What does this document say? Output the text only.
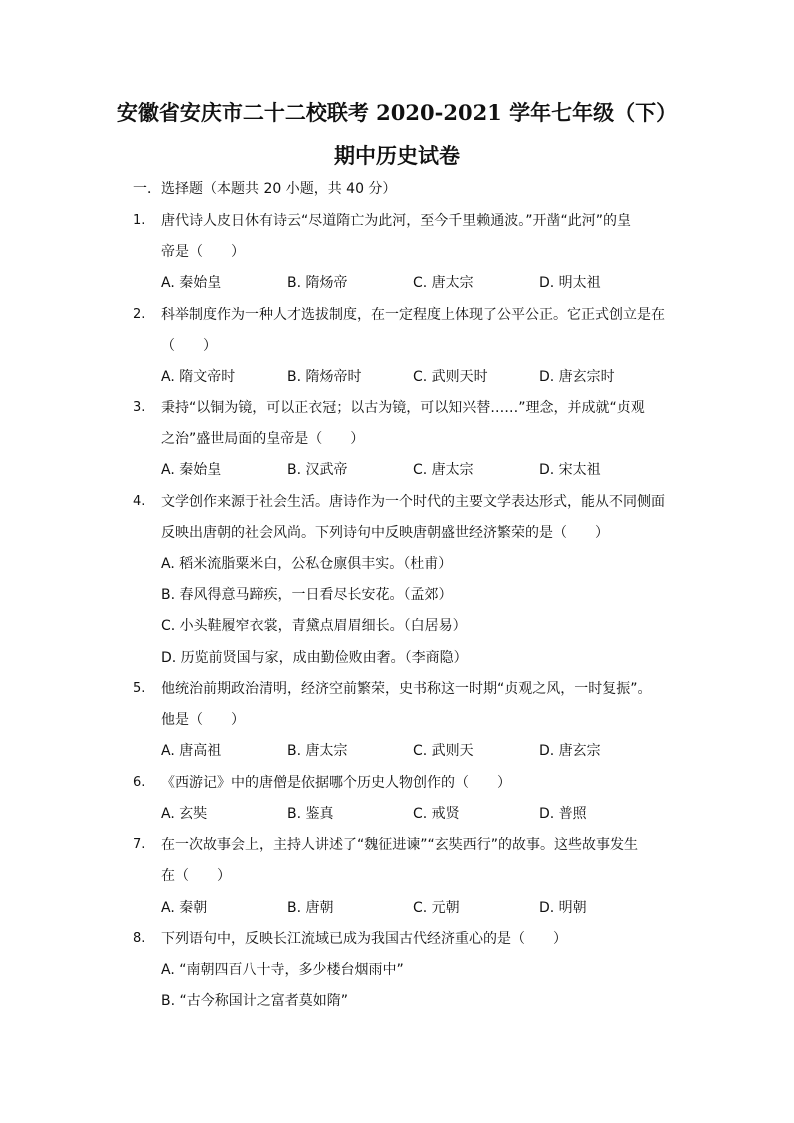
安徽省安庆市二十二校联考 2020-2021 学年七年级（下）
期中历史试卷
一．选择题（本题共 20 小题，共 40 分）
1. 唐代诗人皮日休有诗云“尽道隋亡为此河，至今千里赖通波。”开凿“此河”的皇
帝是（　　）
A. 秦始皇	B. 隋炀帝	C. 唐太宗	D. 明太祖
2. 科举制度作为一种人才选拔制度，在一定程度上体现了公平公正。它正式创立是在
（　　）
A. 隋文帝时	B. 隋炀帝时	C. 武则天时	D. 唐玄宗时
3. 秉持“以铜为镜，可以正衣冠；以古为镜，可以知兴替……”理念，并成就“贞观
之治”盛世局面的皇帝是（　　）
A. 秦始皇	B. 汉武帝	C. 唐太宗	D. 宋太祖
4. 文学创作来源于社会生活。唐诗作为一个时代的主要文学表达形式，能从不同侧面
反映出唐朝的社会风尚。下列诗句中反映唐朝盛世经济繁荣的是（　　）
A. 稻米流脂粟米白，公私仓廪俱丰实。（杜甫）
B. 春风得意马蹄疾，一日看尽长安花。（孟郊）
C. 小头鞋履窄衣裳，青黛点眉眉细长。（白居易）
D. 历览前贤国与家，成由勤俭败由奢。（李商隐）
5. 他统治前期政治清明，经济空前繁荣，史书称这一时期“贞观之风，一时复振”。
他是（　　）
A. 唐高祖	B. 唐太宗	C. 武则天	D. 唐玄宗
6. 《西游记》中的唐僧是依据哪个历史人物创作的（　　）
A. 玄奘	B. 鉴真	C. 戒贤	D. 普照
7. 在一次故事会上，主持人讲述了“魏征进谏”“玄奘西行”的故事。这些故事发生
在（　　）
A. 秦朝	B. 唐朝	C. 元朝	D. 明朝
8. 下列语句中，反映长江流域已成为我国古代经济重心的是（　　）
A. “南朝四百八十寺，多少楼台烟雨中”
B. “古今称国计之富者莫如隋”
